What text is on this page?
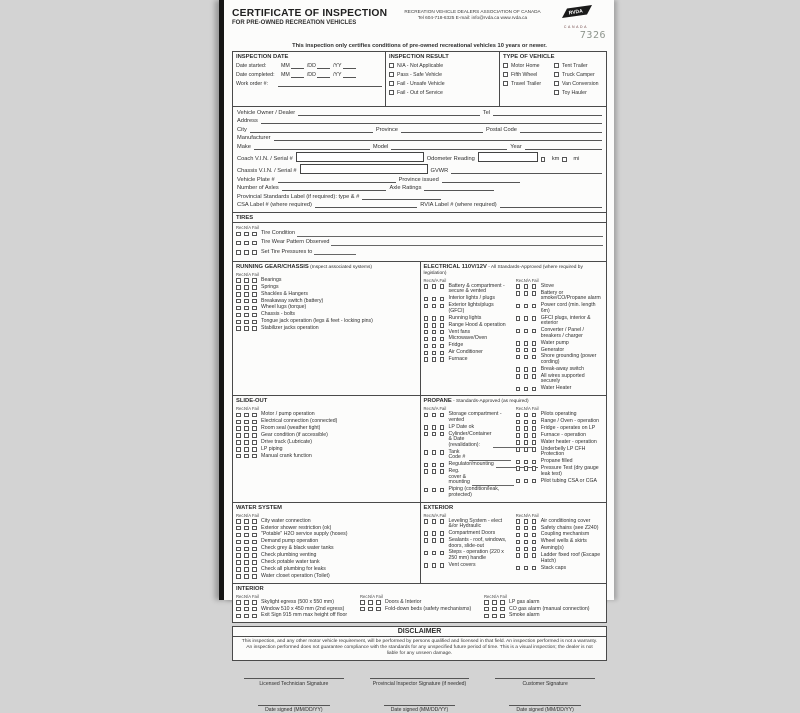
CERTIFICATE OF INSPECTION
FOR PRE-OWNED RECREATION VEHICLES
RECREATION VEHICLE DEALERS ASSOCIATION OF CANADA
Tel 604-718-6325 E-mail: info@rvda.ca www.rvda.ca
RVDA
CANADA
7326
This inspection only certifies conditions of pre-owned recreational vehicles 10 years or newer.
INSPECTION DATE
Date started:	MM	/DD	/YY
Date completed:	MM	/DD	/YY
Work order #:
INSPECTION RESULT
N/A - Not Applicable
Pass - Safe Vehicle
Fail - Unsafe Vehicle
Fail - Out of Service
TYPE OF VEHICLE
Motor Home
Fifth Wheel
Travel Trailer
Tent Trailer
Truck Camper
Van Conversion
Toy Hauler
Vehicle Owner / Dealer	Tel
Address
City	Province	Postal Code
Manufacturer
Make	Model	Year
Coach V.I.N. / Serial #	Odometer Reading	km mi
Chassis V.I.N. / Serial #	GVWR
Vehicle Plate #	Province issued
Number of Axles	Axle Ratings
Provincial Standards Label (if required): type & #
CSA Label # (where required)	RVIA Label # (where required)
TIRES
Rec. N/A Fail
Tire Condition
Tire Wear Pattern Observed
Set Tire Pressures to
RUNNING GEAR/CHASSIS (Inspect associated systems)
Rec. N/A Fail
Bearings
Springs
Shackles & Hangers
Breakaway switch (battery)
Wheel lugs (torque)
Chassis - bolts
Tongue jack operation (legs & feet - locking pins)
Stabilizer jacks operation
ELECTRICAL 110V/12V - All Standards-Approved (where required by legislation)
Rec. N/A Fail
Battery & compartment - secure & vented
Interior lights / plugs
Exterior lights/plugs (GFCI)
Running lights
Range Hood & operation
Vent fans
Microwave/Oven
Fridge
Air Conditioner
Furnace
Rec. N/A Fail
Stove
Battery or smoke/CO/Propane alarm
Power cord (min. length 6m)
GFCI plugs, interior & exterior
Converter / Panel / breakers / charger
Water pump
Generator
Shore grounding (power cording)
Break-away switch
All wires supported securely
Water Heater
SLIDE-OUT
Rec. N/A Fail
Motor / pump operation
Electrical connection (connected)
Room seal (weather tight)
Gear condition (if accessible)
Drive track (Lubricate)
LP piping
Manual crank function
PROPANE - Standards-Approved (as required)
Rec. N/A Fail
Storage compartment - vented
LP Date ok
Cylinder/Container & Date (revalidation):
Tank Code #
Regulator/mounting
Reg. cover & mounting
Piping (condition/leak, protected)
Rec. N/A Fail
Pilots operating
Range / Oven - operation
Fridge - operates on LP
Furnace - operation
Water heater - operation
Underbelly LP CFH Protection
Propane filled
Pressure Test (dry gauge leak test)
Pilot tubing CSA or CGA
WATER SYSTEM
Rec. N/A Fail
City water connection
Exterior shower restriction (ok)
"Potable" H2O service supply (hoses)
Demand pump operation
Check grey & black water tanks
Check plumbing venting
Check potable water tank
Check all plumbing for leaks
Water closet operation (Toilet)
EXTERIOR
Rec. N/A Fail
Leveling System - elect &/or Hydraulic
Compartment Doors
Sealants - roof, windows, doors, slide-out
Steps - operation (220 x 250 mm) handle
Vent covers
Rec. N/A Fail
Air conditioning cover
Safety chains (see Z240)
Coupling mechanism
Wheel wells & skirts
Awning(s)
Ladder fixed roof (Escape Hatch)
Stack caps
INTERIOR
Rec. N/A Fail
Skylight egress (500 x 550 mm)
Window 510 x 450 mm (2nd egress)
Exit Sign 915 mm max height off floor
Rec. N/A Fail
Doors & Interior
Fold-down beds (safety mechanisms)
Rec. N/A Fail
LP gas alarm
CO gas alarm (manual connection)
Smoke alarm
DISCLAIMER
This inspection, and any other motor vehicle requirement, will be performed by persons qualified and licensed in that field. An inspection performed is not a warranty. An inspection performed does not guarantee compliance with the standards for any unspecified future period of time. This is a visual inspection; the dealer is not liable for any unseen damage.
Licensed Technician Signature	Provincial Inspector Signature (if needed)	Customer Signature
Date signed (MM/DD/YY)	Date signed (MM/DD/YY)	Date signed (MM/DD/YY)
